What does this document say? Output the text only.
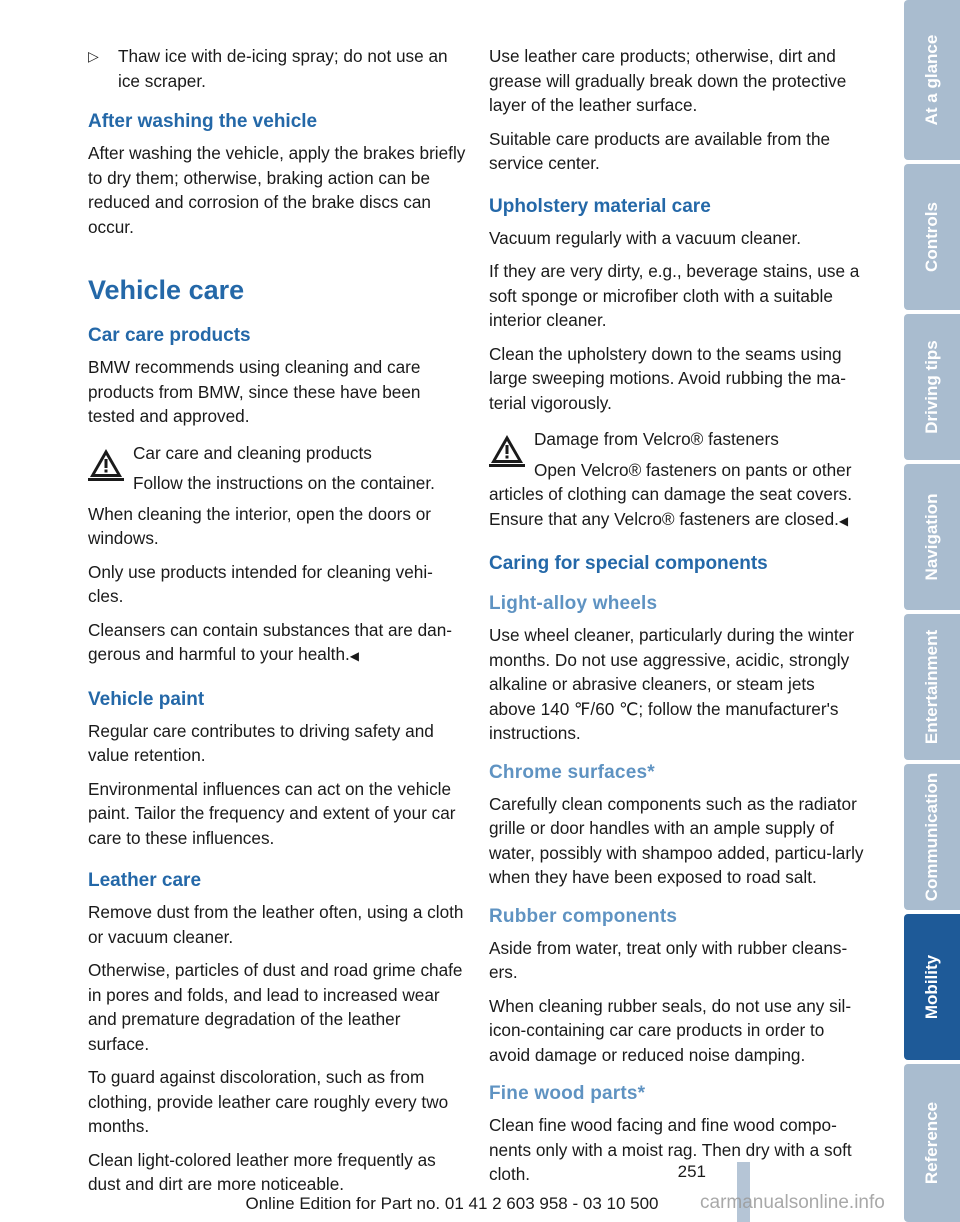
▷	Thaw ice with de-icing spray; do not use an ice scraper.

After washing the vehicle

After washing the vehicle, apply the brakes briefly to dry them; otherwise, braking action can be reduced and corrosion of the brake discs can occur.

Vehicle care
Car care products

BMW recommends using cleaning and care products from BMW, since these have been tested and approved.

Car care and cleaning products

Follow the instructions on the container.

When cleaning the interior, open the doors or windows.

Only use products intended for cleaning vehi-cles.

Cleansers can contain substances that are dan-gerous and harmful to your health.◀

Vehicle paint

Regular care contributes to driving safety and value retention.

Environmental influences can act on the vehicle paint. Tailor the frequency and extent of your car care to these influences.

Leather care

Remove dust from the leather often, using a cloth or vacuum cleaner.

Otherwise, particles of dust and road grime chafe in pores and folds, and lead to increased wear and premature degradation of the leather surface.

To guard against discoloration, such as from clothing, provide leather care roughly every two months.

Clean light-colored leather more frequently as dust and dirt are more noticeable.

Use leather care products; otherwise, dirt and grease will gradually break down the protective layer of the leather surface.

Suitable care products are available from the service center.

Upholstery material care

Vacuum regularly with a vacuum cleaner.

If they are very dirty, e.g., beverage stains, use a soft sponge or microfiber cloth with a suitable interior cleaner.

Clean the upholstery down to the seams using large sweeping motions. Avoid rubbing the ma-terial vigorously.

Damage from Velcro® fasteners

Open Velcro® fasteners on pants or other articles of clothing can damage the seat covers. Ensure that any Velcro® fasteners are closed.◀

Caring for special components
Light-alloy wheels

Use wheel cleaner, particularly during the winter months. Do not use aggressive, acidic, strongly alkaline or abrasive cleaners, or steam jets above 140 ℉/60 ℃; follow the manufacturer's instructions.

Chrome surfaces*

Carefully clean components such as the radiator grille or door handles with an ample supply of water, possibly with shampoo added, particu-larly when they have been exposed to road salt.

Rubber components

Aside from water, treat only with rubber cleans-ers.

When cleaning rubber seals, do not use any sil-icon-containing car care products in order to avoid damage or reduced noise damping.

Fine wood parts*

Clean fine wood facing and fine wood compo-nents only with a moist rag. Then dry with a soft cloth.

At a glance
Controls
Driving tips
Navigation
Entertainment
Communication
Mobility
Reference
251
Online Edition for Part no. 01 41 2 603 958 - 03 10 500	carmanualsonline.info
